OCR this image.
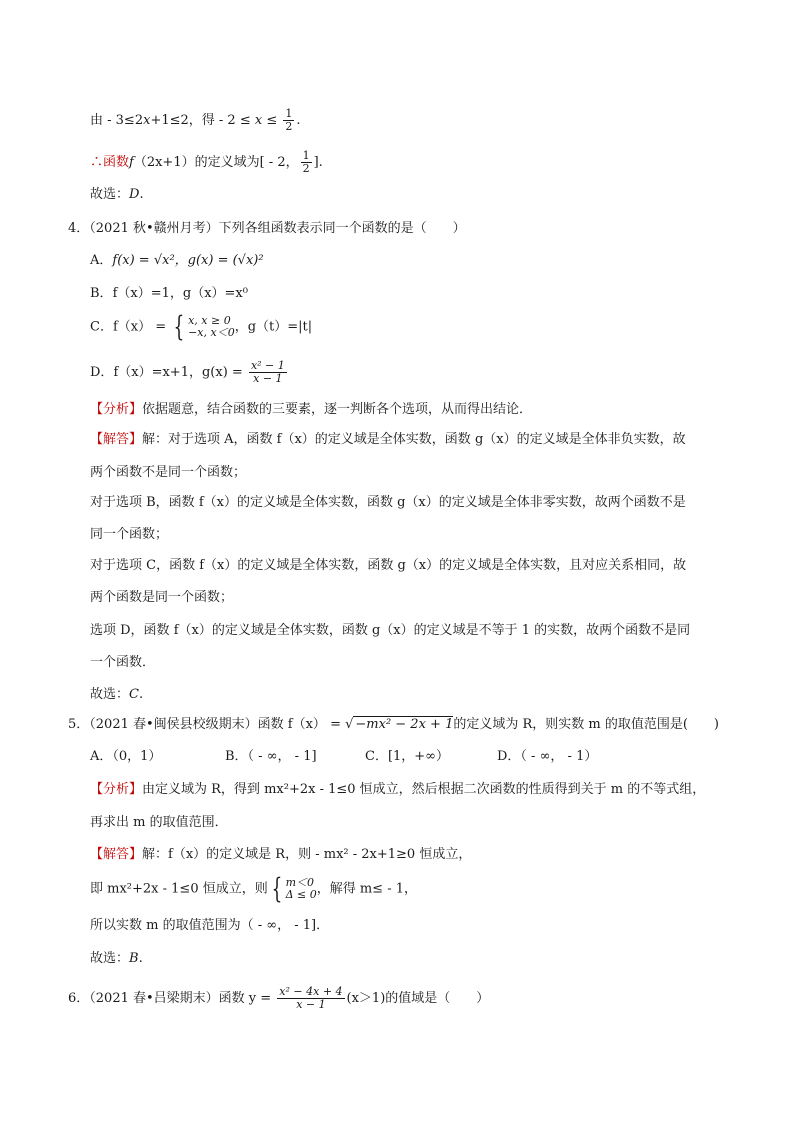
由 - 3≤2x+1≤2，得 - $2 \le x \le \frac{1}{2}$ .
∴函数f（2x+1）的定义域为[ - 2， $\frac{1}{2}$ ].
故选：D.
4．（2021 秋•赣州月考）下列各组函数表示同一个函数的是（　　）
A．f(x) = √x²，g(x) = (√x)²
B．f（x）=1，g（x）=x⁰
C．f（x） = { x, x ≥ 0
−x, x＜0 ，g（t）=|t|
D．f（x）=x+1，$g(x) = \frac{\text{x² − 1}}{x - 1}$
【分析】依据题意，结合函数的三要素，逐一判断各个选项，从而得出结论．
【解答】解：对于选项 A，函数 f（x）的定义域是全体实数，函数 g（x）的定义域是全体非负实数，故
两个函数不是同一个函数；
对于选项 B，函数 f（x）的定义域是全体实数，函数 g（x）的定义域是全体非零实数，故两个函数不是
同一个函数；
对于选项 C，函数 f（x）的定义域是全体实数，函数 g（x）的定义域是全体实数，且对应关系相同，故
两个函数是同一个函数；
选项 D，函数 f（x）的定义域是全体实数，函数 g（x）的定义域是不等于 1 的实数，故两个函数不是同
一个函数．
故选：C.
5．（2021 春•闽侯县校级期末）函数 f（x） = √ −mx² − 2x + 1的定义域为 R，则实数 m 的取值范围是(　　)
A．（0，1）	B．（ - ∞， - 1]	C．[1，+∞）	D．（ - ∞， - 1）
【分析】由定义域为 R，得到 mx²+2x - 1≤0 恒成立，然后根据二次函数的性质得到关于 m 的不等式组，
再求出 m 的取值范围．
【解答】解：f（x）的定义域是 R，则 - mx² - 2x+1≥0 恒成立，
即 mx²+2x - 1≤0 恒成立，则 { m＜0
Δ ≤ 0 ，解得 m≤ - 1，
所以实数 m 的取值范围为（ - ∞， - 1]．
故选：B.
6．（2021 春•吕梁期末）函数 $y = \frac{\text{x² − 4x + 4}}{x - 1} (x>1)$的值域是（　　）
